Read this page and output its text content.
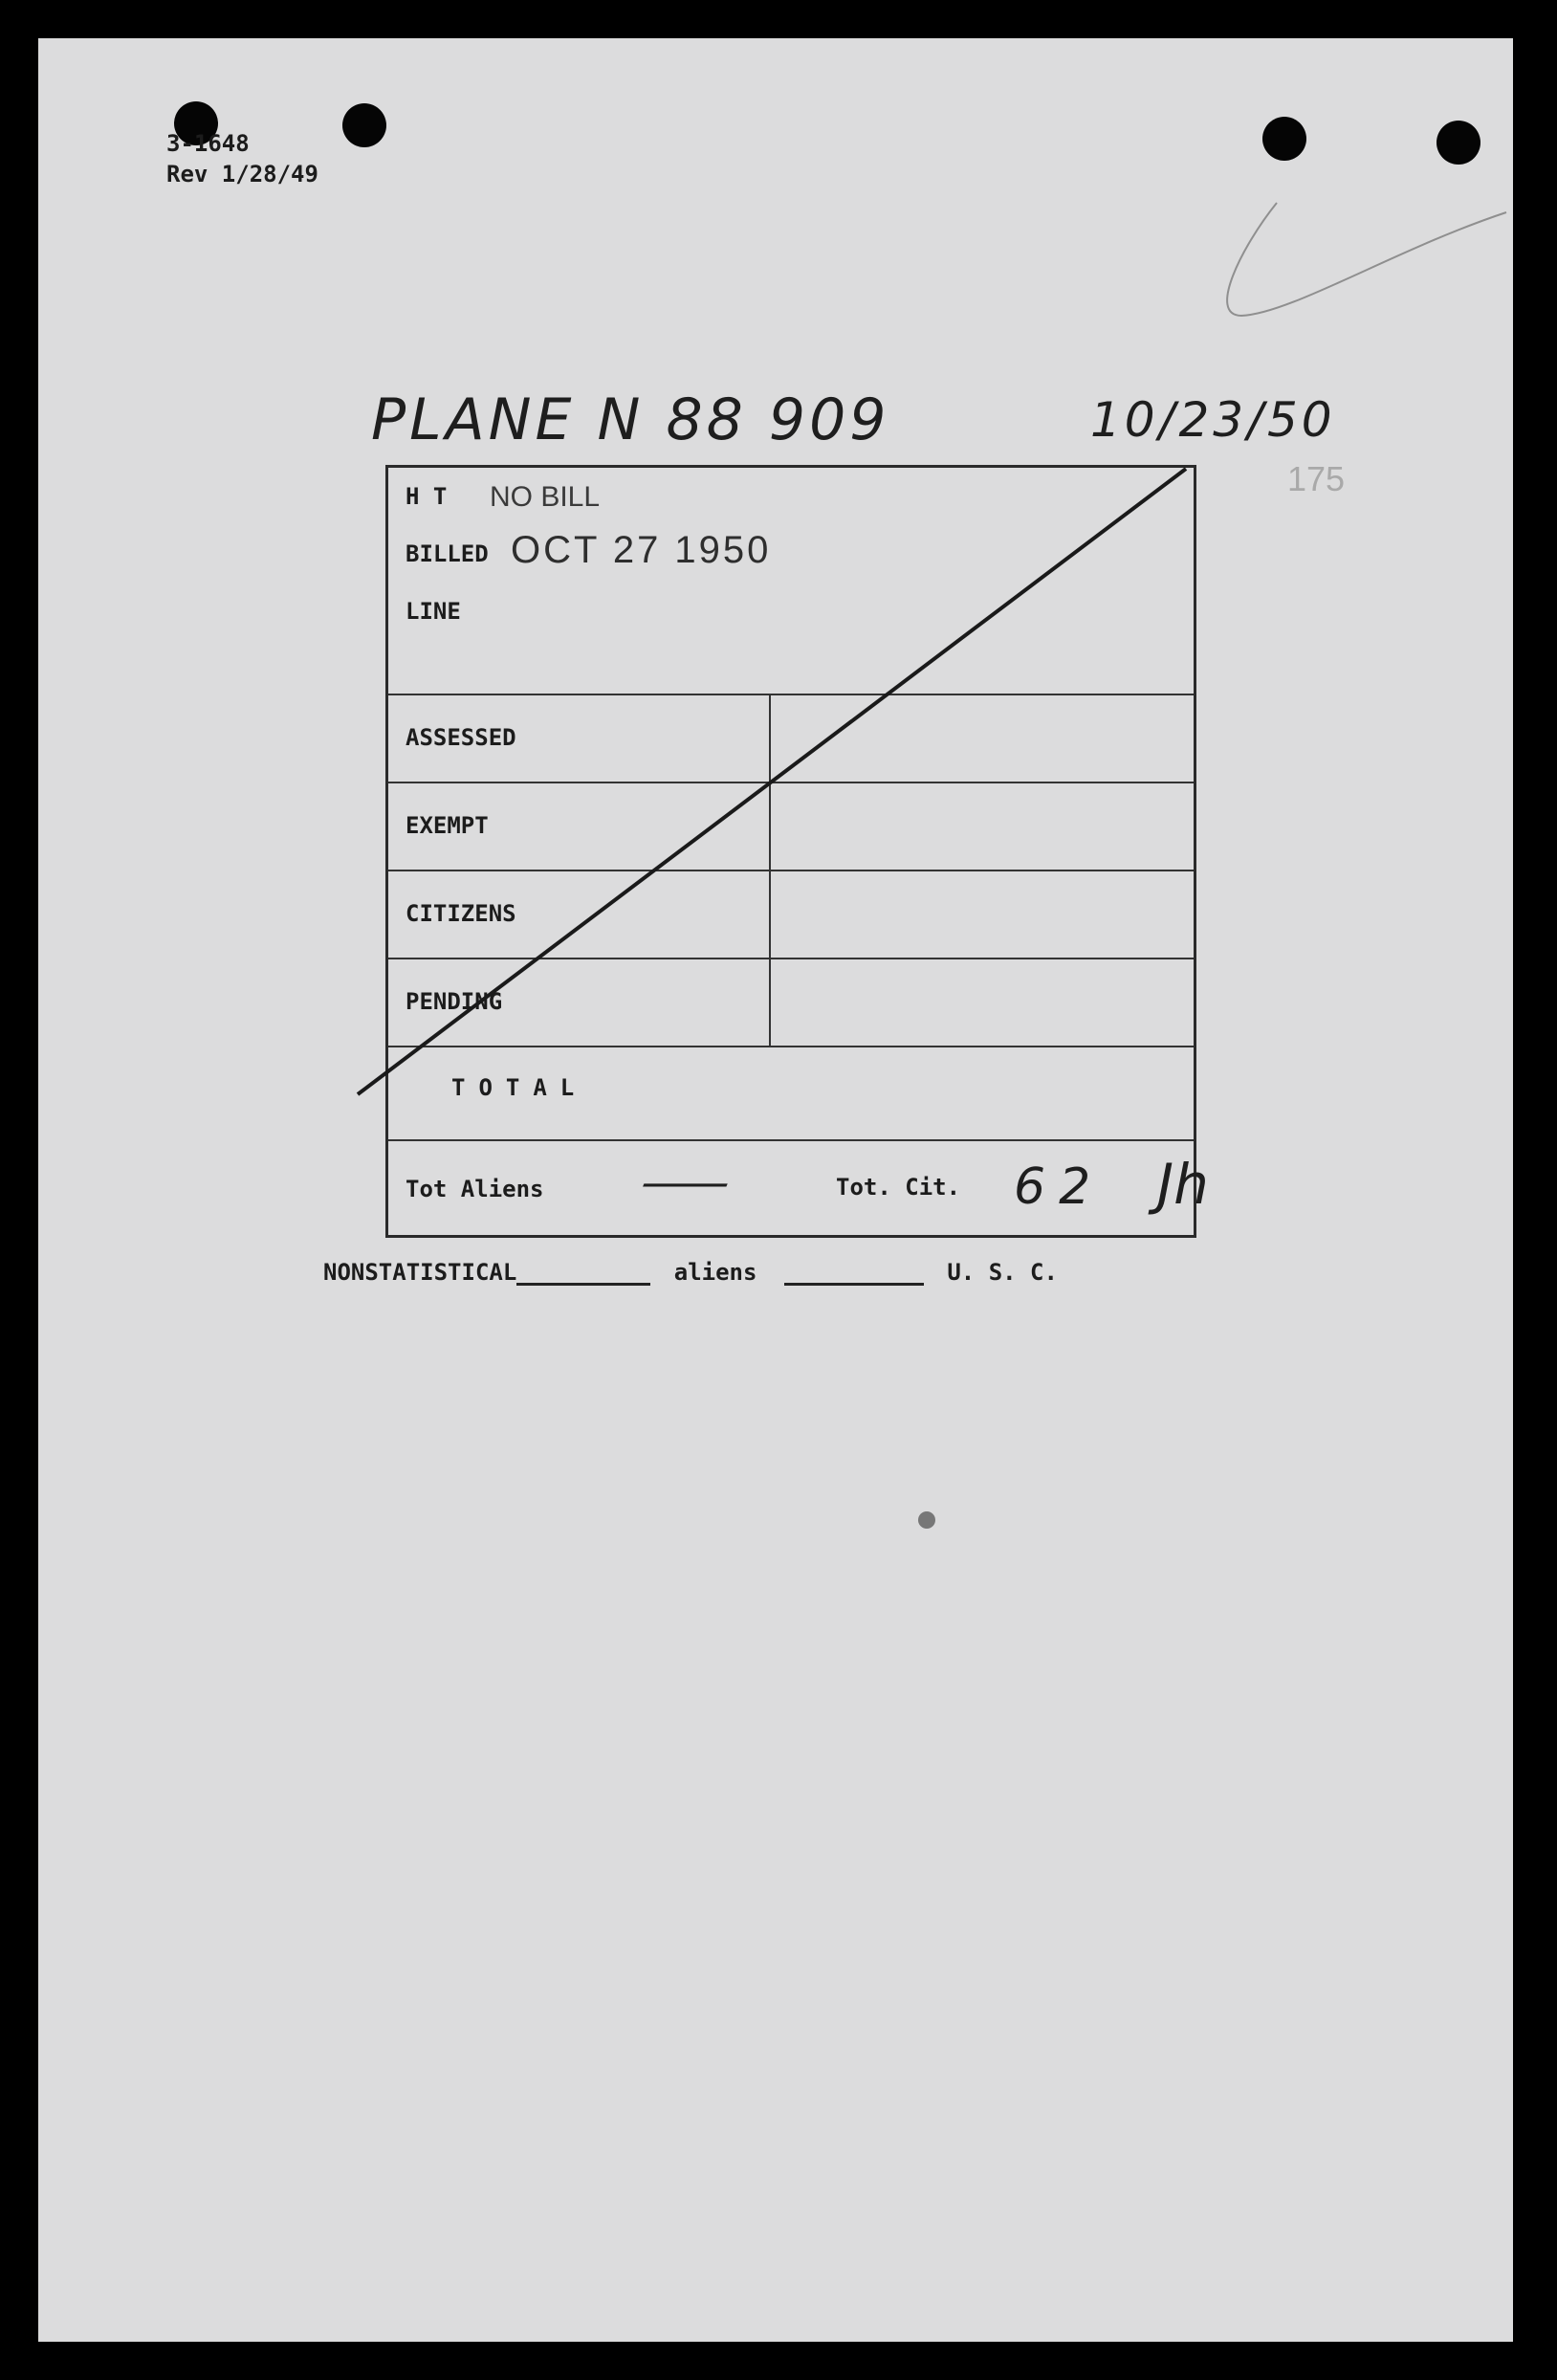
3-1648
Rev 1/28/49
PLANE N 88 909	10/23/50
175
H T NO BILL
BILLED OCT 27 1950
LINE
ASSESSED
EXEMPT
CITIZENS
PENDING
TOTAL
Tot Aliens —	Tot. Cit. 62 Jh
NONSTATISTICAL	aliens	U. S. C.
